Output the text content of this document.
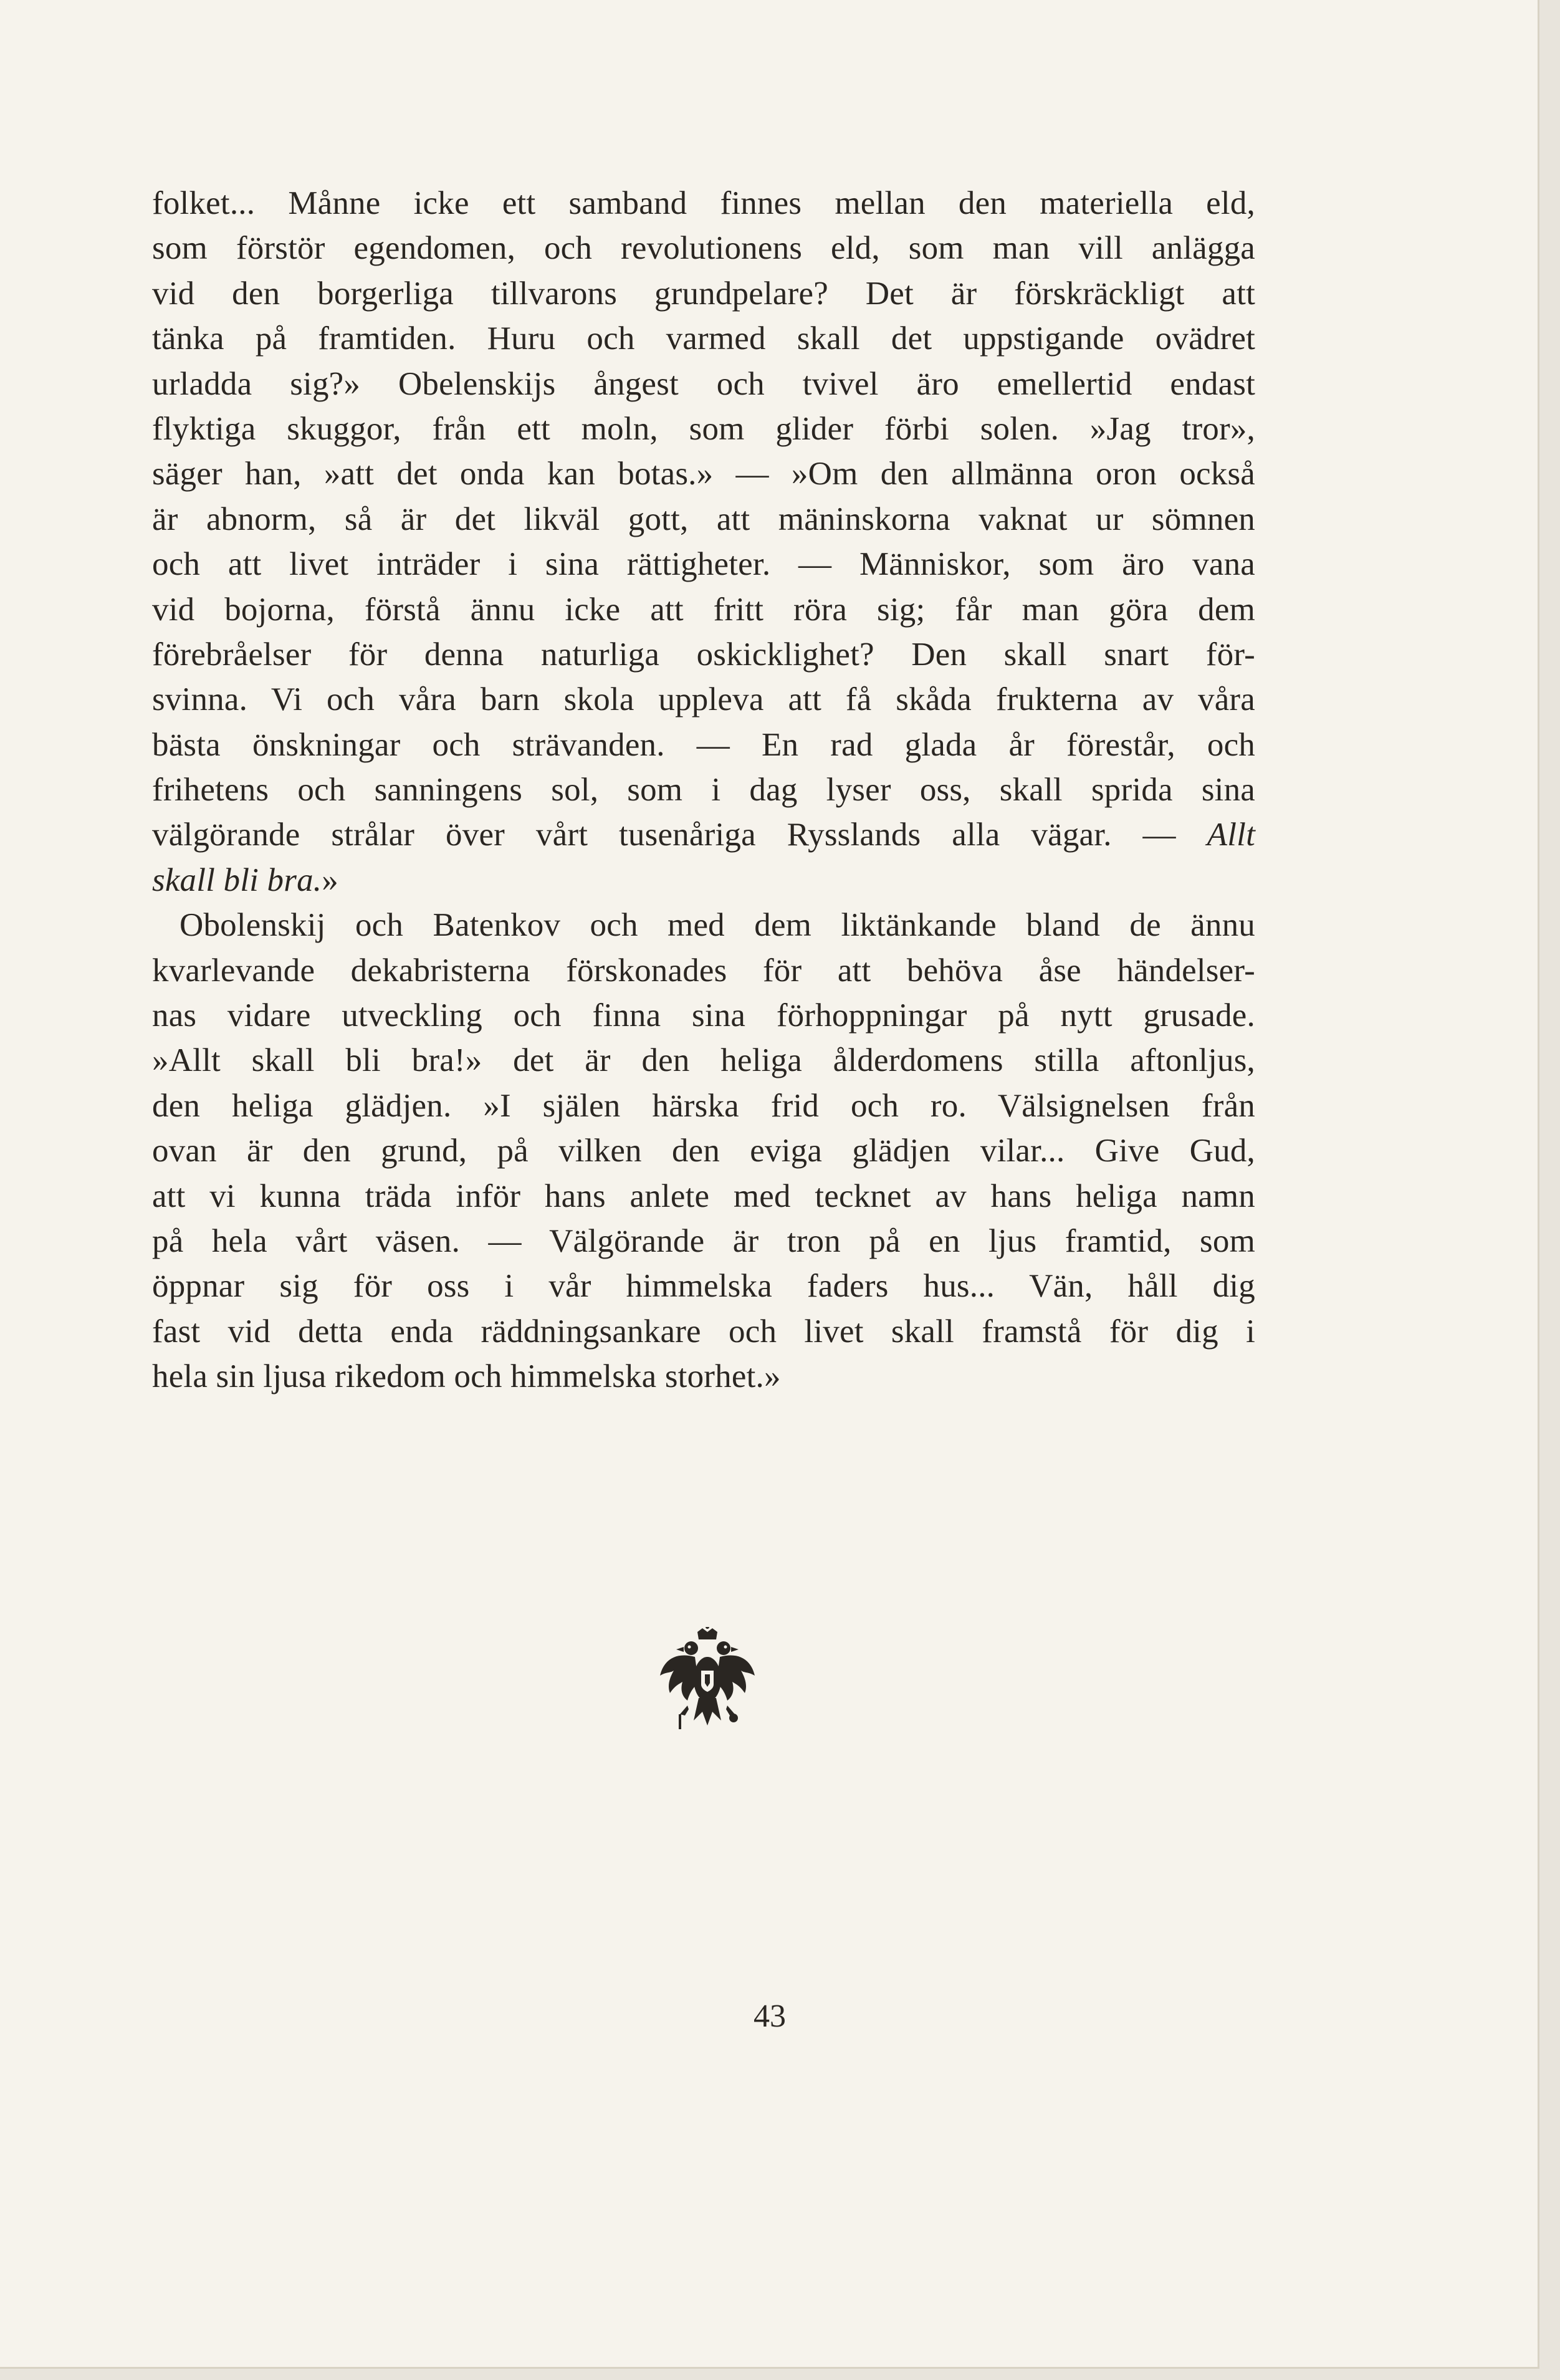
folket... Månne icke ett samband finnes mellan den materiella eld,
som förstör egendomen, och revolutionens eld, som man vill anlägga
vid den borgerliga tillvarons grundpelare? Det är förskräckligt att
tänka på framtiden. Huru och varmed skall det uppstigande ovädret
urladda sig?» Obelenskijs ångest och tvivel äro emellertid endast
flyktiga skuggor, från ett moln, som glider förbi solen. »Jag tror»,
säger han, »att det onda kan botas.» — »Om den allmänna oron också
är abnorm, så är det likväl gott, att mäninskorna vaknat ur sömnen
och att livet inträder i sina rättigheter. — Människor, som äro vana
vid bojorna, förstå ännu icke att fritt röra sig; får man göra dem
förebråelser för denna naturliga oskicklighet? Den skall snart för-
svinna. Vi och våra barn skola uppleva att få skåda frukterna av våra
bästa önskningar och strävanden. — En rad glada år förestår, och
frihetens och sanningens sol, som i dag lyser oss, skall sprida sina
välgörande strålar över vårt tusenåriga Rysslands alla vägar. — Allt
skall bli bra.»
Obolenskij och Batenkov och med dem liktänkande bland de ännu
kvarlevande dekabristerna förskonades för att behöva åse händelser-
nas vidare utveckling och finna sina förhoppningar på nytt grusade.
»Allt skall bli bra!» det är den heliga ålderdomens stilla aftonljus,
den heliga glädjen. »I själen härska frid och ro. Välsignelsen från
ovan är den grund, på vilken den eviga glädjen vilar... Give Gud,
att vi kunna träda inför hans anlete med tecknet av hans heliga namn
på hela vårt väsen. — Välgörande är tron på en ljus framtid, som
öppnar sig för oss i vår himmelska faders hus... Vän, håll dig
fast vid detta enda räddningsankare och livet skall framstå för dig i
hela sin ljusa rikedom och himmelska storhet.»
43
